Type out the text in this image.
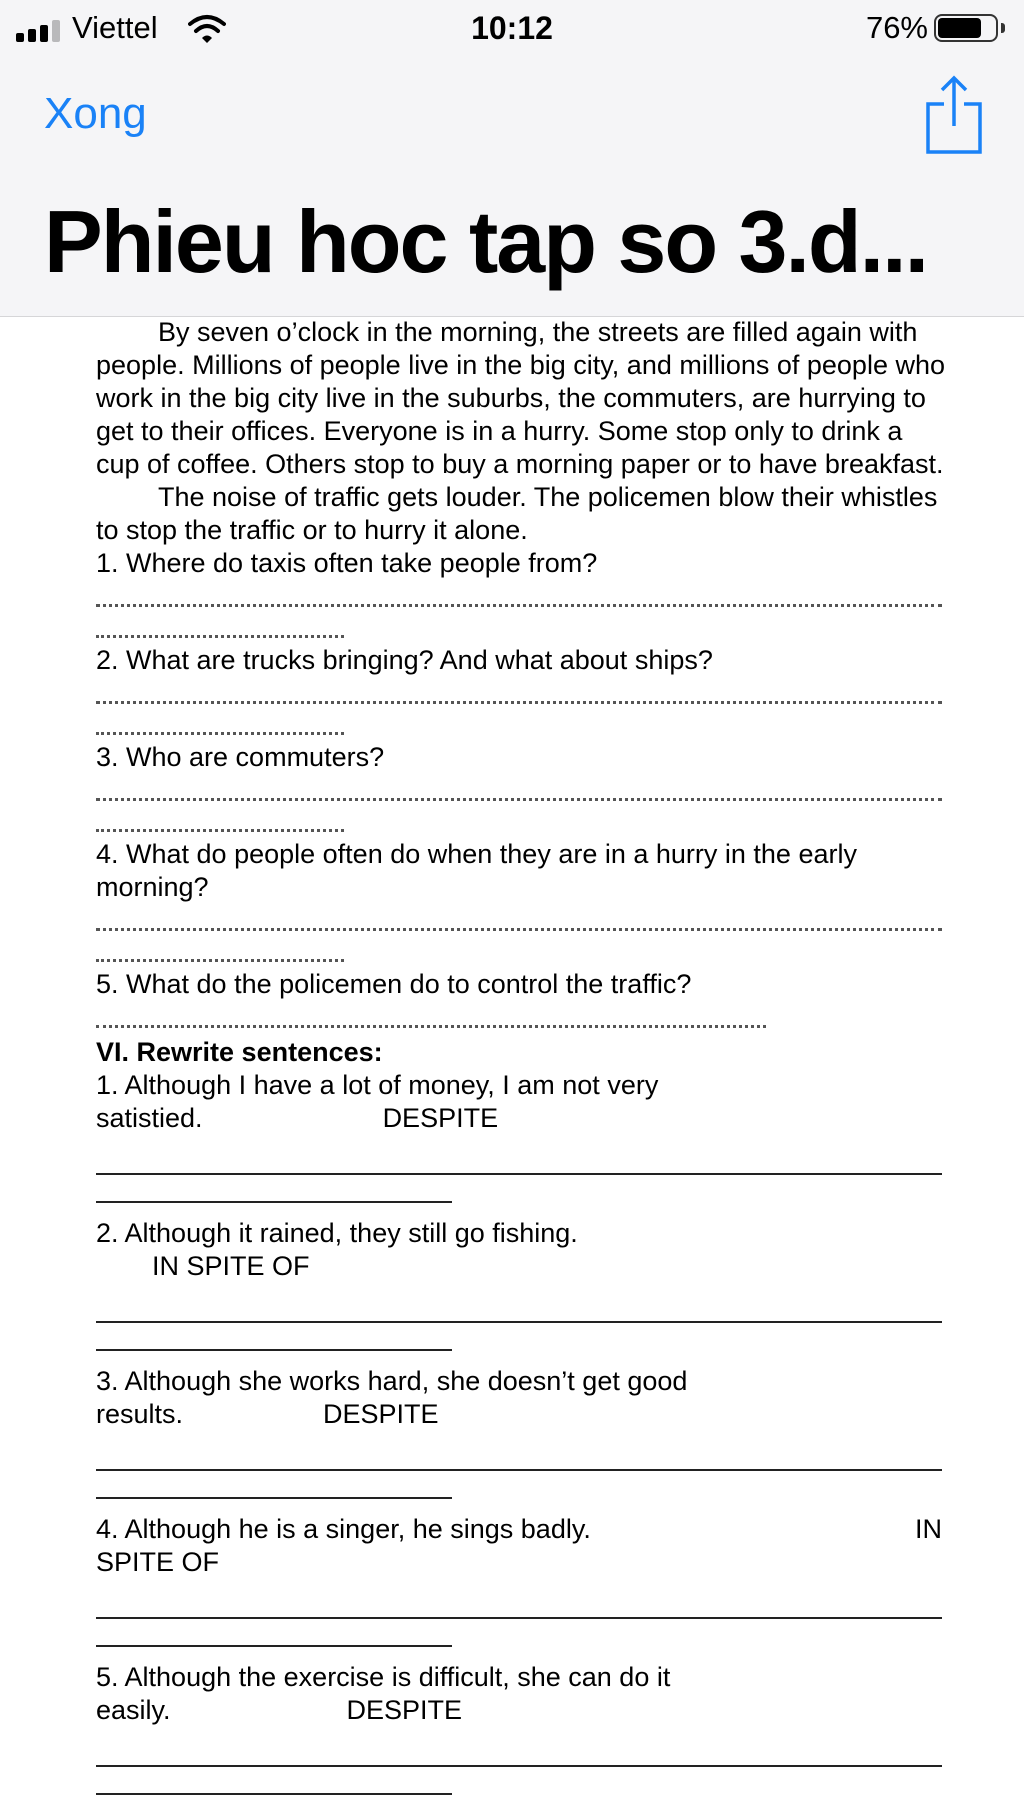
Viettel	10:12	76%
Xong
Phieu hoc tap so 3.d...

By seven o’clock in the morning, the streets are filled again with people. Millions of people live in the big city, and millions of people who work in the big city live in the suburbs, the commuters, are hurrying to get to their offices. Everyone is in a hurry. Some stop only to drink a cup of coffee. Others stop to buy a morning paper or to have breakfast.

The noise of traffic gets louder. The policemen blow their whistles to stop the traffic or to hurry it alone.

1. Where do taxis often take people from?

2. What are trucks bringing? And what about ships?

3. Who are commuters?

4. What do people often do when they are in a hurry in the early morning?

5. What do the policemen do to control the traffic?

VI. Rewrite sentences:

1. Although I have a lot of money, I am not very

satistied.	DESPITE

2. Although it rained, they still go fishing.

IN SPITE OF

3. Although she works hard, she doesn’t get good

results.	DESPITE

4. Although he is a singer, he sings badly.	IN

SPITE OF

5. Although the exercise is difficult, she can do it

easily.	DESPITE
